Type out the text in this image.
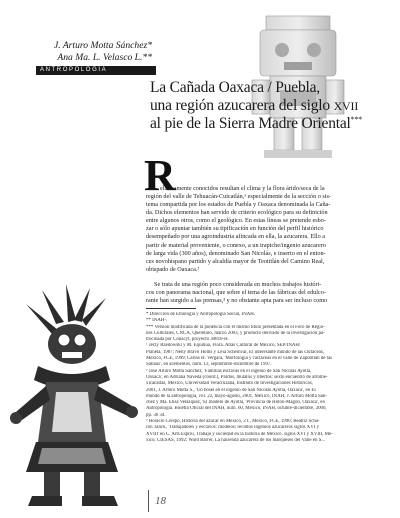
J. Arturo Motta Sánchez*
Ana Ma. L. Velasco L.**
ANTROPOLOGÍA
La Cañada Oaxaca / Puebla,
una región azucarera del siglo XVII
al pie de la Sierra Madre Oriental***
R
elativamente conocidos resultan el clima y la flora árido/seca de la
región del valle de Tehuacán-Cuicatlán,¹ especialmente de la sección o sis-
tema compartida por los estados de Puebla y Oaxaca denominada la Caña-
da. Dichos elementos han servido de criterio ecológico para su definición
entre algunos otros, como el geológico. En estas líneas se pretende esbo-
zar o sólo apuntar también su tipificación en función del perfil histórico
desempeñado por una agroindustria afincada en ella, la azucarera. Ello a
partir de material proveniente, o conexo, a un trapiche/ingenio azucarero
de larga vida (300 años), denominado San Nicolás, e inserto en el enton-
ces novohispano partido y alcaldía mayor de Teotitlán del Camino Real,
obispado de Oaxaca.²
Se trata de una región poco considerada en muchos trabajos históri-
cos con panorama nacional, que sobre el tema de las fábricas del edulco-
rante han surgido a las prensas,³ y no obstante apta para ser incluso como
* Dirección de Etnología y Antropología Social, INAH.
** INAH-.
*** Versión modificada de la ponencia con el mismo título presentada en el Foro de Regio-
nes Culturales, CNCA, Querétaro, marzo 2003, y producto derivado de la investigación pa-
trocinada por Conacyt, proyecto 30810-H.
¹ Jerzy Rzedowski y M. Equihua, Flora. Atlas Cultural de México, SEP/INAH/
Planeta, 1987; Nelly Bravo Hollis y Léia Scheinvar, El interesante mundo de las cactáceas,
México, FCE, 1999; Carlos H. Vergara, 'Morfología y cactáceas en el valle de Zapotitlán de las
Salinas', en Elementos, núm. 12, septiembre-diciembre de 1997.
² José Arturo Motta Sánchez, 'Familias esclavas en el ingenio de San Nicolás Ayotla,
Oaxaca', en Adriana Naveda (coord.), Pardos, mulatos y libertos: sexto encuentro de afrome-
xicanistas, México, Universidad Veracruzana, Instituto de Investigaciones Históricas,
2001, J. Arturo Motta S., 'Un bosel en el ingenio de San Nicolás Ayotla, Oaxaca', en El
mundo de la antropología, vol. 22, mayo-agosto, 2001, México, INAH; J. Arturo Motta Sán-
chez y Ma. Elisa Velázquez, 'El modelo de Ayotla, 'Provincia de Hoton-Magón, Oaxaca', en
Antropología. Boletín Oficial del INAH, núm. 60, México, INAH, octubre-diciembre, 2000,
pp. 36 34.
³ Horacio Crespo, Historia del azúcar en México, 2 t., México, FCE, 1990; Beatriz Scha-
ron Tanck, 'Trabajadores y esclavos: modelos; recintos ingenios azucareros siglos XVI y
XVIII' en C. Arts Espriú, Trabajo y sociedad en la historia de México. siglos XVI y XVIII, Mé-
xico, CIESAS, 1992; Ward Barrer, La hacienda azucarera de los marqueses del Valle en S...
18
